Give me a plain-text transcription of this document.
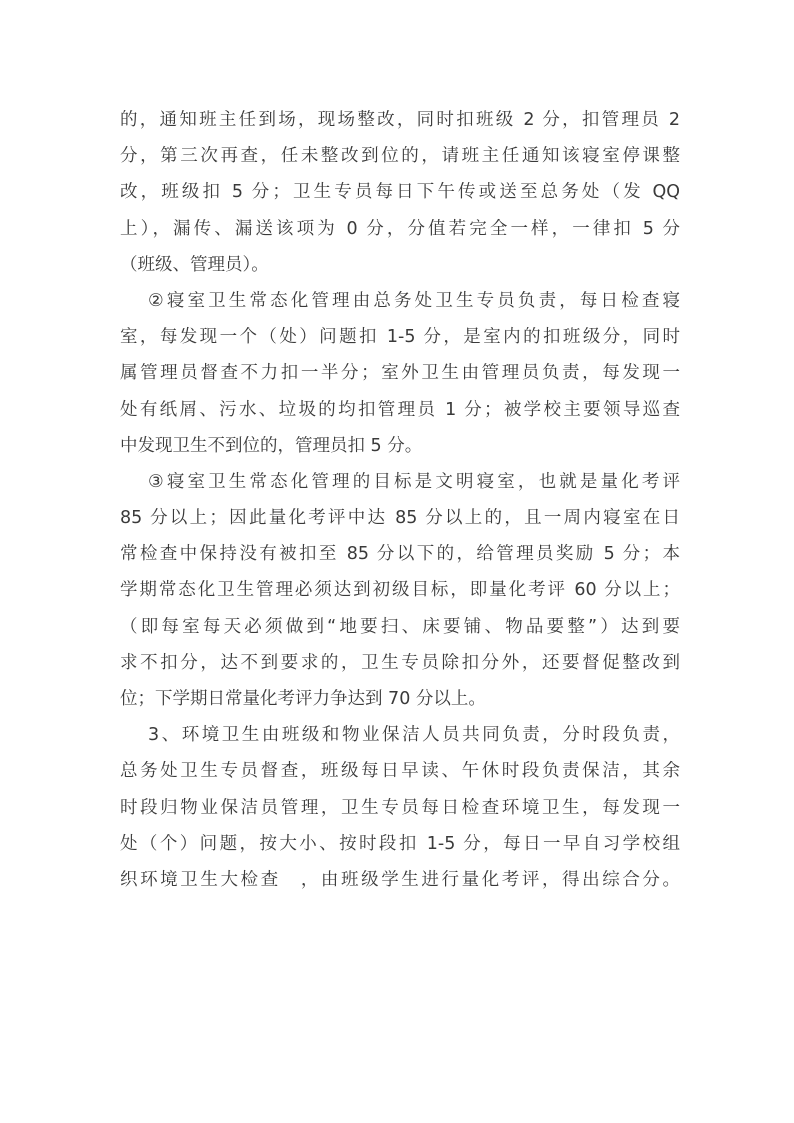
的，通知班主任到场，现场整改，同时扣班级 2 分，扣管理员 2
分，第三次再查，任未整改到位的，请班主任通知该寝室停课整
改，班级扣 5 分；卫生专员每日下午传或送至总务处（发 QQ
上），漏传、漏送该项为 0 分，分值若完全一样，一律扣 5 分
（班级、管理员）。
②寝室卫生常态化管理由总务处卫生专员负责，每日检查寝
室，每发现一个（处）问题扣 1-5 分，是室内的扣班级分，同时
属管理员督查不力扣一半分；室外卫生由管理员负责，每发现一
处有纸屑、污水、垃圾的均扣管理员 1 分；被学校主要领导巡查
中发现卫生不到位的，管理员扣 5 分。
③寝室卫生常态化管理的目标是文明寝室，也就是量化考评
85 分以上；因此量化考评中达 85 分以上的，且一周内寝室在日
常检查中保持没有被扣至 85 分以下的，给管理员奖励 5 分；本
学期常态化卫生管理必须达到初级目标，即量化考评 60 分以上；
（即每室每天必须做到“地要扫、床要铺、物品要整”）达到要
求不扣分，达不到要求的，卫生专员除扣分外，还要督促整改到
位；下学期日常量化考评力争达到 70 分以上。
3、环境卫生由班级和物业保洁人员共同负责，分时段负责，
总务处卫生专员督查，班级每日早读、午休时段负责保洁，其余
时段归物业保洁员管理，卫生专员每日检查环境卫生，每发现一
处（个）问题，按大小、按时段扣 1-5 分，每日一早自习学校组
织环境卫生大检查　，由班级学生进行量化考评，得出综合分。
